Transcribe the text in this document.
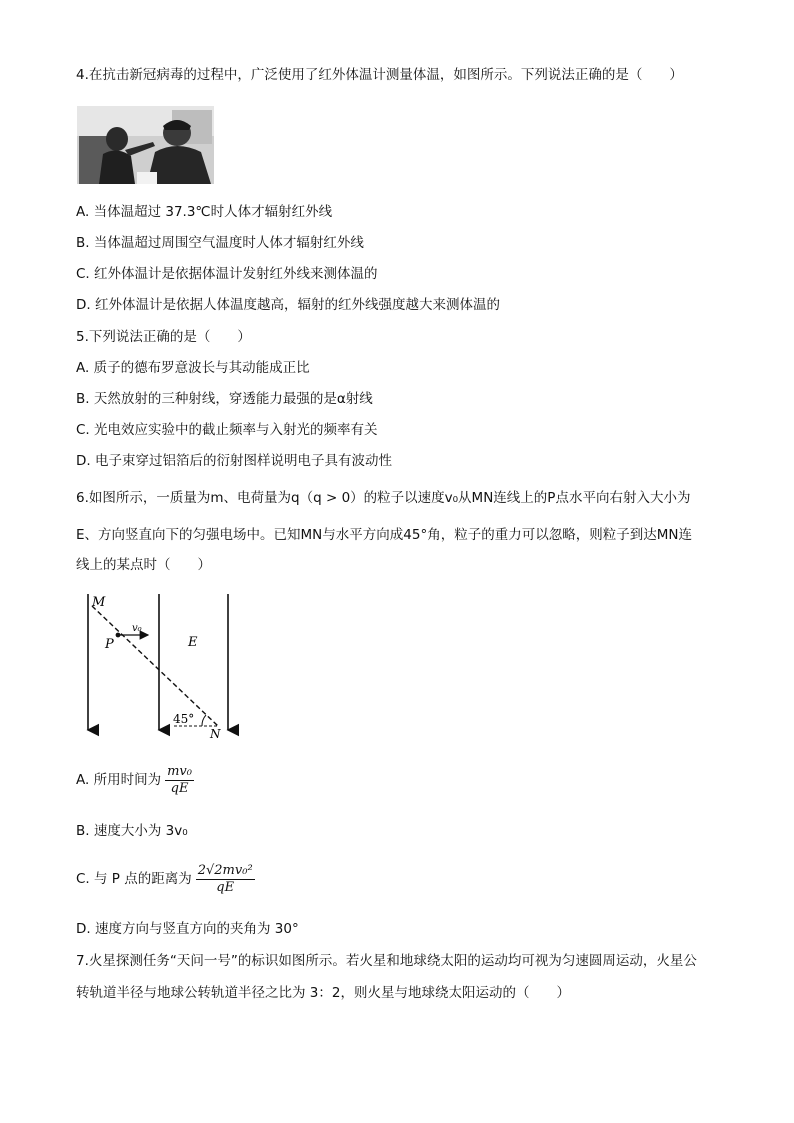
4.在抗击新冠病毒的过程中，广泛使用了红外体温计测量体温，如图所示。下列说法正确的是（　　）
A. 当体温超过 37.3℃时人体才辐射红外线
B. 当体温超过周围空气温度时人体才辐射红外线
C. 红外体温计是依据体温计发射红外线来测体温的
D. 红外体温计是依据人体温度越高，辐射的红外线强度越大来测体温的
5.下列说法正确的是（　　）
A. 质子的德布罗意波长与其动能成正比
B. 天然放射的三种射线，穿透能力最强的是α射线
C. 光电效应实验中的截止频率与入射光的频率有关
D. 电子束穿过铝箔后的衍射图样说明电子具有波动性
6.如图所示，一质量为m、电荷量为q（q > 0）的粒子以速度v₀从MN连线上的P点水平向右射入大小为
E、方向竖直向下的匀强电场中。已知MN与水平方向成45°角，粒子的重力可以忽略，则粒子到达MN连
线上的某点时（　　）
M
P
v₀
E
45°
N
A. 所用时间为 $\frac{\text{mv₀}}{qE}$
B. 速度大小为 3v₀
C. 与 P 点的距离为 $\frac{\text{2√2mv₀²}}{qE}$
D. 速度方向与竖直方向的夹角为 30°
7.火星探测任务“天问一号”的标识如图所示。若火星和地球绕太阳的运动均可视为匀速圆周运动，火星公
转轨道半径与地球公转轨道半径之比为 3：2，则火星与地球绕太阳运动的（　　）
